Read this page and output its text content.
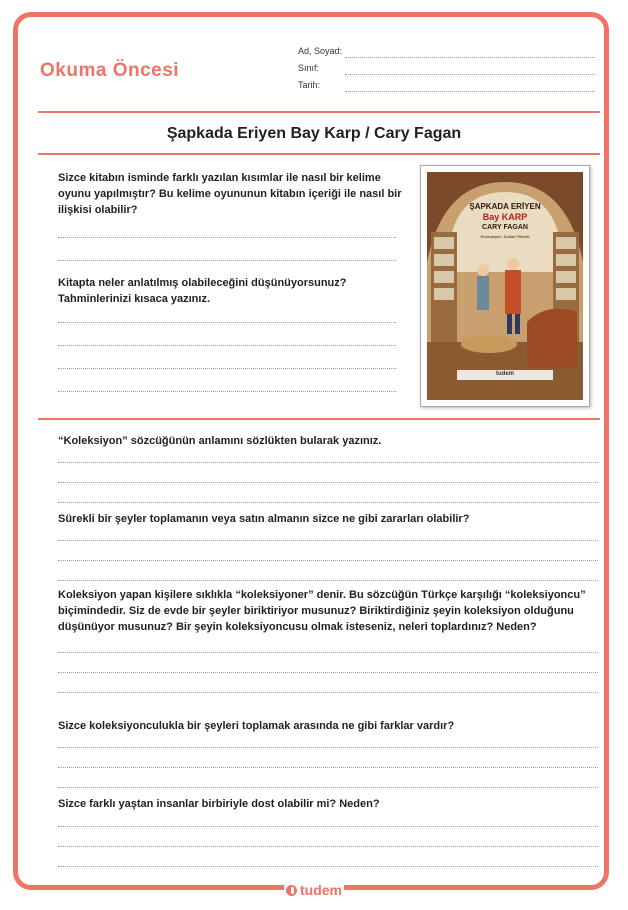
Okuma Öncesi
Ad, Soyad:
Sınıf:
Tarih:
Şapkada Eriyen Bay Karp / Cary Fagan
Sizce kitabın isminde farklı yazılan kısımlar ile nasıl bir kelime oyunu yapılmıştır? Bu kelime oyununun kitabın içeriği ile nasıl bir ilişkisi olabilir?
Kitapta neler anlatılmış olabileceğini düşünüyorsunuz? Tahminlerinizi kısaca yazınız.
ŞAPKADA ERİYEN
Bay KARP
CARY FAGAN
Resimleyen: Dušan Petričić
tudem
“Koleksiyon” sözcüğünün anlamını sözlükten bularak yazınız.
Sürekli bir şeyler toplamanın veya satın almanın sizce ne gibi zararları olabilir?
Koleksiyon yapan kişilere sıklıkla “koleksiyoner” denir. Bu sözcüğün Türkçe karşılığı “koleksiyoncu” biçimindedir. Siz de evde bir şeyler biriktiriyor musunuz? Biriktirdiğiniz şeyin koleksiyon olduğunu düşünüyor musunuz? Bir şeyin koleksiyoncusu olmak isteseniz, neleri toplardınız? Neden?
Sizce koleksiyonculukla bir şeyleri toplamak arasında ne gibi farklar vardır?
Sizce farklı yaştan insanlar birbiriyle dost olabilir mi? Neden?
tudem
